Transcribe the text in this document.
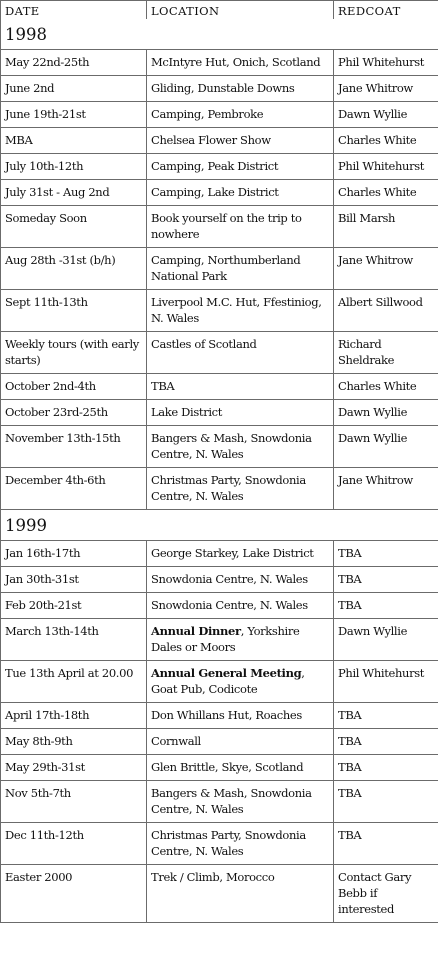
DATE	LOCATION	REDCOAT
1998		
May 22nd-25th	McIntyre Hut, Onich, Scotland	Phil Whitehurst
June 2nd	Gliding, Dunstable Downs	Jane Whitrow
June 19th-21st	Camping, Pembroke	Dawn Wyllie
MBA	Chelsea Flower Show	Charles White
July 10th-12th	Camping, Peak District	Phil Whitehurst
July 31st - Aug 2nd	Camping, Lake District	Charles White
Someday Soon	Book yourself on the trip to nowhere	Bill Marsh
Aug 28th -31st (b/h)	Camping, Northumberland National Park	Jane Whitrow
Sept 11th-13th	Liverpool M.C. Hut, Ffestiniog, N. Wales	Albert Sillwood
Weekly tours (with early starts)	Castles of Scotland	Richard Sheldrake
October 2nd-4th	TBA	Charles White
October 23rd-25th	Lake District	Dawn Wyllie
November 13th-15th	Bangers & Mash, Snowdonia Centre, N. Wales	Dawn Wyllie
December 4th-6th	Christmas Party, Snowdonia Centre, N. Wales	Jane Whitrow
1999		
Jan 16th-17th	George Starkey, Lake District	TBA
Jan 30th-31st	Snowdonia Centre, N. Wales	TBA
Feb 20th-21st	Snowdonia Centre, N. Wales	TBA
March 13th-14th	Annual Dinner, Yorkshire Dales or Moors	Dawn Wyllie
Tue 13th April at 20.00	Annual General Meeting, Goat Pub, Codicote	Phil Whitehurst
April 17th-18th	Don Whillans Hut, Roaches	TBA
May 8th-9th	Cornwall	TBA
May 29th-31st	Glen Brittle, Skye, Scotland	TBA
Nov 5th-7th	Bangers & Mash, Snowdonia Centre, N. Wales	TBA
Dec 11th-12th	Christmas Party, Snowdonia Centre, N. Wales	TBA
Easter 2000	Trek / Climb, Morocco	Contact Gary Bebb if interested
